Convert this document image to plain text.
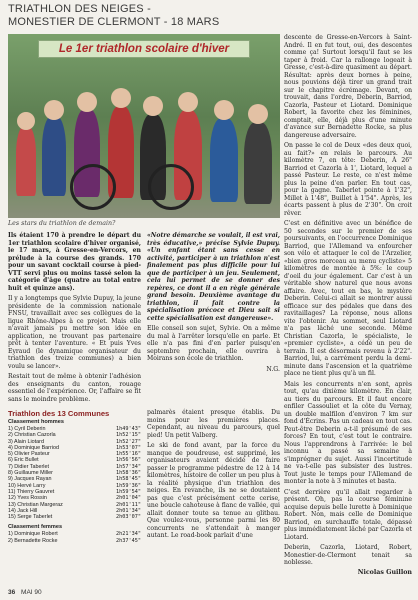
TRIATHLON DES NEIGES -
MONESTIER DE CLERMONT - 18 MARS
Le 1er triathlon scolaire d'hiver
Les stars du triathlon de demain?

Ils étaient 170 à prendre le départ du 1er triathlon scolaire d'hiver organisé, le 17 mars, à Gresse-en-Vercors, en prélude à la course des grands. 170 pour un savant cocktail course à pied-VTT servi plus ou moins tassé selon la catégorie d'âge (quatre au total entre huit et quinze ans).

Il y a longtemps que Sylvie Dupuy, la jeune présidente de la commission nationale FNSU, travaillait avec ses collègues de la ligue Rhône-Alpes à ce projet. Mais elle n'avait jamais pu mettre son idée en application, ne trouvant pas partenaire prêt à tenter l'aventure. « Et puis Yves Eyraud (le dynamique organisateur du triathlon des treize communes) a bien voulu se lancer».

Restait tout de même à obtenir l'adhésion des enseignants du canton, rouage essentiel de l'expérience. Or, l'affaire se fit sans le moindre problème.

«Notre démarche se voulait, il est vrai, très éducative,» précise Sylvie Dupuy. «Un enfant étant sans cesse en activité, participer à un triathlon n'est finalement pas plus difficile pour lui que de participer à un jeu. Seulement, cela lui permet de se donner des repères, ce dont il a en règle générale grand besoin. Deuxième avantage du triathlon, il fait contre la spécialisation précoce et Dieu sait si cette spécialisation est dangereuse».

Elle conseil son sujet, Sylvie. On a même du mal à l'arrêter lorsqu'elle en parle. Et elle n'a pas fini d'en parler puisqu'en septembre prochain, elle ouvrira à Moirans son école de triathlon.

N.G.
Triathlon des 13 Communes
Classement hommes
1) Cyril Deberin	1h49'43"
2) Christian Cazorla	1h52'15"
3) Alain Liotard	1h52'27"
4) Dominique Barriod	1h53'07"
5) Olivier Pasteur	1h55'16"
6) Eric Bullet	1h56'56"
7) Didier Taberlet	1h57'34"
8) Guillaume Miller	1h58'36"
9) Jacques Rayan	1h58'45"
10) Hervé Larry	1h59'36"
11) Thierry Gauvret	1h59'54"
12) Yves Rossin	2h01'04"
13) Christian Margeraz	2h01'11"
14) Jack Hill	2h01'34"
15) Serge Taberlet	2h03'07"
Classement femmes
1) Dominique Robert	2h21'34"
2) Bernadette Rocke	2h37'45"

palmarès étaient presque établis. Du moins pour les premières places. Cependant, au niveau du parcours, quel pied! Un petit Valberg.

Le ski de fond avant, par la force du manque de poudreuse, est supprimé, les organisateurs avaient décidé de faire passer le programme pédestre de 12 à 14 kilomètres, histoire de coller un peu plus à la réalité physique d'un triathlon des neiges. En revanche, ils ne se doutaient pas que c'est précisément cette cerise, une boucle cahoteuse à flanc de vallée, qui allait donner toute sa tenue au glitbau. Que voulez-vous, personne parmi les 80 concurrents ne s'attendait à manger autant. Le road-book parlait d'une

descente de Gresse-en-Vercors à Saint-André. Il en fut tout, oui, des descentes comme ça! Surtout lorsqu'il faut se les taper à froid. Car la rallonge logeait à Gresse, c'est-à-dire quasiment au départ. Résultat: après deux bornes à peine, nous pouvions déjà tirer un grand trait sur le chapitre écrémage. Devant, on trouvait, dans l'ordre, Deberin, Barriod, Cazorla, Pasteur et Liotard. Dominique Robert, la favorite chez les féminines, comptait, elle, déjà plus d'une minute d'avance sur Bernadette Rocke, sa plus dangereuse adversaire.

On passe le col de Deux «des deux quoi, au fait?» en relais le parcours. Au kilomètre 7, en tête: Deberin, À 26" Barriod et Cazorla à 1', Liotard, lequel a passé Pasteur. Le reste, ce n'est même plus la peine d'en parler. En tout cas, pour la gagne. Taberlet pointe à 1'32", Millet à 1'48", Buillet à 1'54". Après, les écarts passent à plus de 2'30". On croit rêver.

C'est en définitive avec un bénéfice de 50 secondes sur le premier de ses poursuivants, en l'occurrence Dominique Barriod, que l'Allemand va enfourcher son vélo et attaquer le col de l'Arzelier, «bien gros morceau au menu cycliste» 5 kilomètres de montée à 5%: le coup d'oeil du jour également. Car c'est à un véritable show naturel que nous avons affaire. Avec, tout en bas, le mystère Deberin. Celui-ci allait se montrer aussi efficace sur des pédales que dans des ravitaillages? La réponse, nous allons vite l'obtenir. Au sommet, seul Liotard n'a pas lâché une seconde. Même Christian Cazorla, le spécialiste, le «premier cycliste», a cédé un peu de terrain. Il est désormais revenu à 2'22". Barriod, lui, a carrément perdu la demi-minute dans l'ascension et la quatrième place ne tient plus qu'à un fil.

Mais les concurrents n'en sont, après tout, qu'au dixième kilomètre. En clair, au tiers du parcours. Et il faut encore enfiler Cassouliet et la côte du Vernay, un double malfilon d'environ 7 km sur fond d'Écrins. Pas un cadeau en tout cas. Peut-être Deberin a-t-il présumé de ses forces? En tout, c'est tout le contraire. Nous l'apprendrons à l'arrivée: le bel inconnu a passé sa semaine à s'imprégner du sujet. Aussi l'incertitude ne va-t-elle pas subsister des lustres. Tout juste le temps pour l'Allemand de monter la note à 3 minutes et basta.

C'est derrière qu'il allait regarder à présent. Oh, pas la course féminine acquise depuis belle lurette à Dominique Robert. Non, mais celle de Dominique Barriod, en surchauffe totale, dépassé plus immédiatement lâché par Cazorla et Liotard.

Deberin, Cazorla, Liotard, Robert, Monestier-de-Clermont tenait sa noblesse.

Nicolas Guillon
36 MAI 90
